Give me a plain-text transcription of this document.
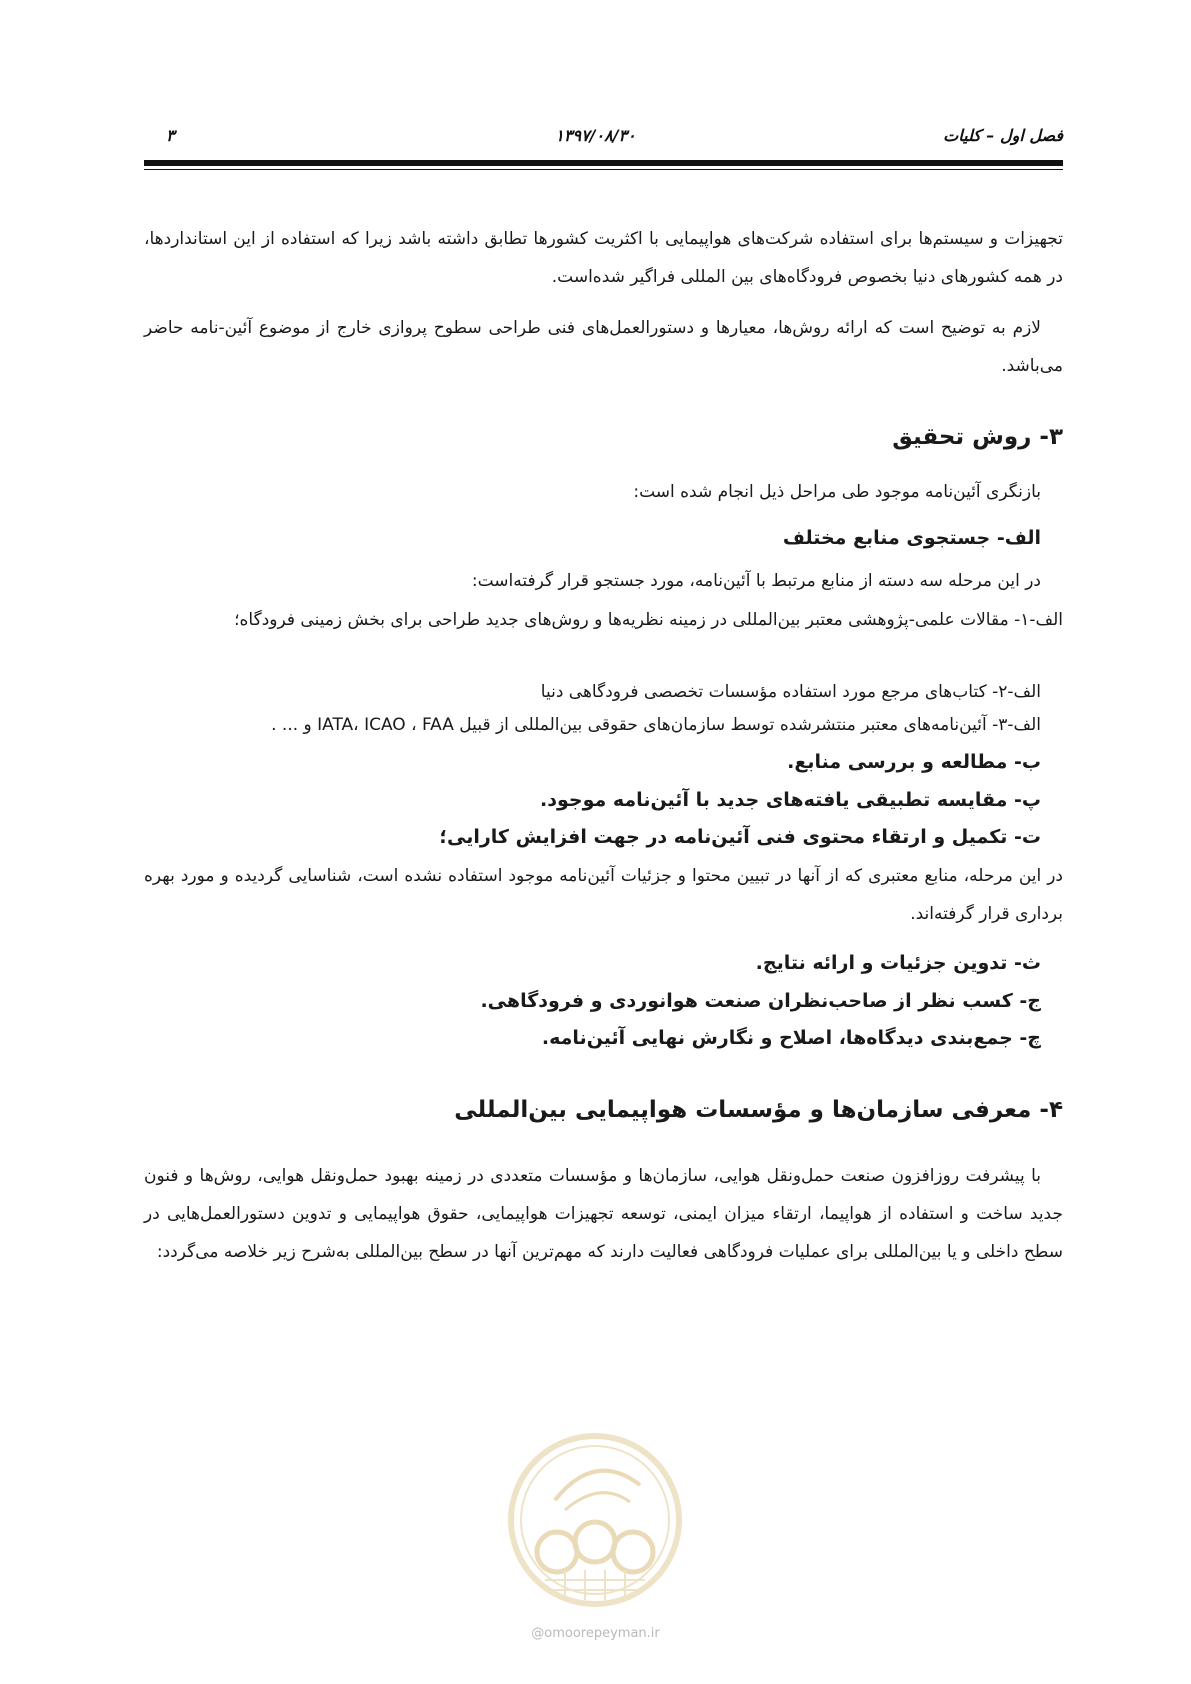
فصل اول – کلیات
۱۳۹۷/۰۸/۳۰
۳
تجهیزات و سیستم‌ها برای استفاده شرکت‌های هواپیمایی با اکثریت کشورها تطابق داشته باشد زیرا که استفاده از این استانداردها، در همه کشورهای دنیا بخصوص فرودگاه‌های بین المللی فراگیر شده‌است.
لازم به توضیح است که ارائه روش‌ها، معیارها و دستورالعمل‌های فنی طراحی سطوح پروازی خارج از موضوع آئین-نامه حاضر می‌باشد.
۳- روش تحقیق
بازنگری آئین‌نامه موجود طی مراحل ذیل انجام شده است:
الف- جستجوی منابع مختلف
در این مرحله سه دسته از منابع مرتبط با آئین‌نامه، مورد جستجو قرار گرفته‌است:
الف-۱- مقالات علمی-پژوهشی معتبر بین‌المللی در زمینه نظریه‌ها و روش‌های جدید طراحی برای بخش زمینی فرودگاه؛
الف-۲- کتاب‌های مرجع مورد استفاده مؤسسات تخصصی فرودگاهی دنیا
الف-۳- آئین‌نامه‌های معتبر منتشرشده توسط سازمان‌های حقوقی بین‌المللی از قبیل IATA، ICAO ، FAA و ... .
ب- مطالعه و بررسی منابع.
پ- مقایسه تطبیقی یافته‌های جدید با آئین‌نامه موجود.
ت- تکمیل و ارتقاء محتوی فنی آئین‌نامه در جهت افزایش کارایی؛
در این مرحله، منابع معتبری که از آنها در تبیین محتوا و جزئیات آئین‌نامه موجود استفاده نشده است، شناسایی گردیده و مورد بهره برداری قرار گرفته‌اند.
ث- تدوین جزئیات و ارائه نتایج.
ج- کسب نظر از صاحب‌نظران صنعت هوانوردی و فرودگاهی.
چ- جمع‌بندی دیدگاه‌ها، اصلاح و نگارش نهایی آئین‌نامه.
۴- معرفی سازمان‌ها و مؤسسات هواپیمایی بین‌المللی
با پیشرفت روزافزون صنعت حمل‌ونقل هوایی، سازمان‌ها و مؤسسات متعددی در زمینه بهبود حمل‌ونقل هوایی، روش‌ها و فنون جدید ساخت و استفاده از هواپیما، ارتقاء میزان ایمنی، توسعه تجهیزات هواپیمایی، حقوق هواپیمایی و تدوین دستورالعمل‌هایی در سطح داخلی و یا بین‌المللی برای عملیات فرودگاهی فعالیت دارند که مهم‌ترین آنها در سطح بین‌المللی به‌شرح زیر خلاصه می‌گردد:
@omoorepeyman.ir
